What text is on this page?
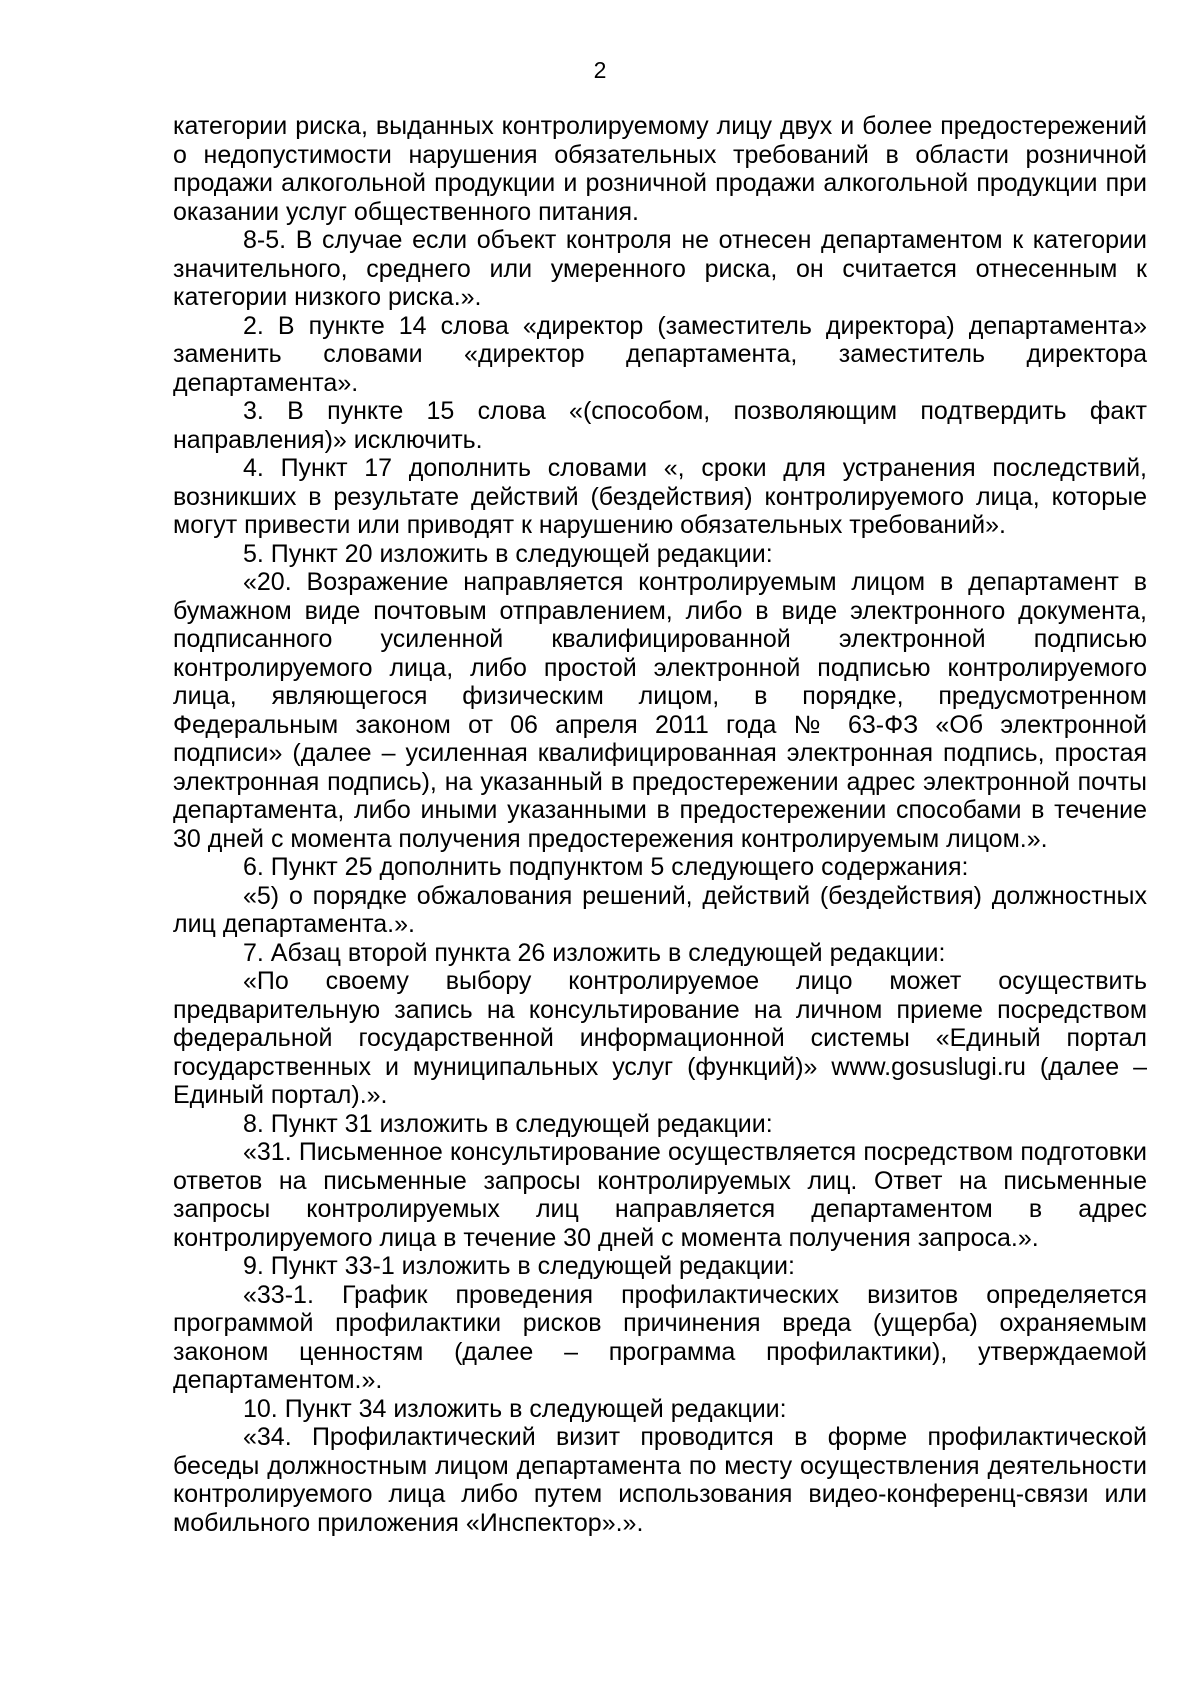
2

категории риска, выданных контролируемому лицу двух и более предостережений о недопустимости нарушения обязательных требований в области розничной продажи алкогольной продукции и розничной продажи алкогольной продукции при оказании услуг общественного питания.

8-5. В случае если объект контроля не отнесен департаментом к категории значительного, среднего или умеренного риска, он считается отнесенным к категории низкого риска.».

2. В пункте 14 слова «директор (заместитель директора) департамента» заменить словами «директор департамента, заместитель директора департамента».

3. В пункте 15 слова «(способом, позволяющим подтвердить факт направления)» исключить.

4. Пункт 17 дополнить словами «, сроки для устранения последствий, возникших в результате действий (бездействия) контролируемого лица, которые могут привести или приводят к нарушению обязательных требований».

5. Пункт 20 изложить в следующей редакции:

«20. Возражение направляется контролируемым лицом в департамент в бумажном виде почтовым отправлением, либо в виде электронного документа, подписанного усиленной квалифицированной электронной подписью контролируемого лица, либо простой электронной подписью контролируемого лица, являющегося физическим лицом, в порядке, предусмотренном Федеральным законом от 06 апреля 2011 года № 63-ФЗ «Об электронной подписи» (далее – усиленная квалифицированная электронная подпись, простая электронная подпись), на указанный в предостережении адрес электронной почты департамента, либо иными указанными в предостережении способами в течение 30 дней с момента получения предостережения контролируемым лицом.».

6. Пункт 25 дополнить подпунктом 5 следующего содержания:

«5) о порядке обжалования решений, действий (бездействия) должностных лиц департамента.».

7. Абзац второй пункта 26 изложить в следующей редакции:

«По своему выбору контролируемое лицо может осуществить предварительную запись на консультирование на личном приеме посредством федеральной государственной информационной системы «Единый портал государственных и муниципальных услуг (функций)» www.gosuslugi.ru (далее – Единый портал).».

8. Пункт 31 изложить в следующей редакции:

«31. Письменное консультирование осуществляется посредством подготовки ответов на письменные запросы контролируемых лиц. Ответ на письменные запросы контролируемых лиц направляется департаментом в адрес контролируемого лица в течение 30 дней с момента получения запроса.».

9. Пункт 33-1 изложить в следующей редакции:

«33-1. График проведения профилактических визитов определяется программой профилактики рисков причинения вреда (ущерба) охраняемым законом ценностям (далее – программа профилактики), утверждаемой департаментом.».

10. Пункт 34 изложить в следующей редакции:

«34. Профилактический визит проводится в форме профилактической беседы должностным лицом департамента по месту осуществления деятельности контролируемого лица либо путем использования видео-конференц-связи или мобильного приложения «Инспектор».».
